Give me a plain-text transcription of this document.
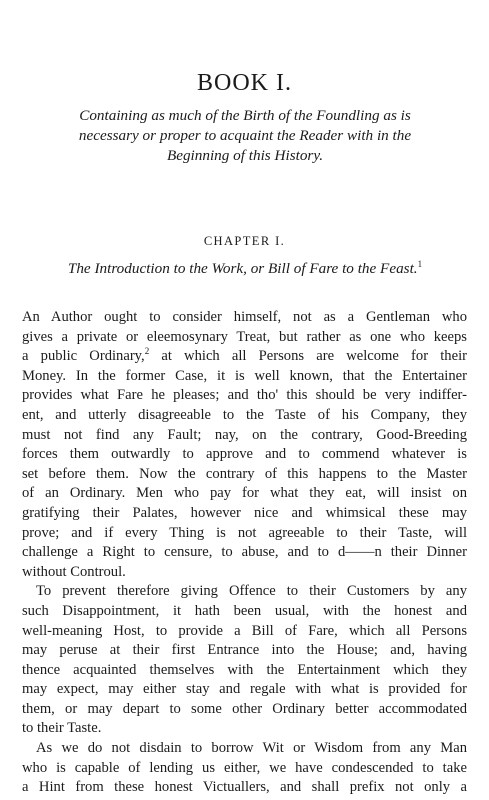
BOOK I.

Containing as much of the Birth of the Foundling as is necessary or proper to acquaint the Reader with in the Beginning of this History.

CHAPTER I.

The Introduction to the Work, or Bill of Fare to the Feast.$^1$

An Author ought to consider himself, not as a Gentleman who
gives a private or eleemosynary Treat, but rather as one who keeps
a public Ordinary,$^2$ at which all Persons are welcome for their
Money. In the former Case, it is well known, that the Entertainer
provides what Fare he pleases; and tho' this should be very indiffer-
ent, and utterly disagreeable to the Taste of his Company, they
must not find any Fault; nay, on the contrary, Good-Breeding
forces them outwardly to approve and to commend whatever is
set before them. Now the contrary of this happens to the Master
of an Ordinary. Men who pay for what they eat, will insist on
gratifying their Palates, however nice and whimsical these may
prove; and if every Thing is not agreeable to their Taste, will
challenge a Right to censure, to abuse, and to d——n their Dinner
without Controul.

To prevent therefore giving Offence to their Customers by any
such Disappointment, it hath been usual, with the honest and
well-meaning Host, to provide a Bill of Fare, which all Persons
may peruse at their first Entrance into the House; and, having
thence acquainted themselves with the Entertainment which they
may expect, may either stay and regale with what is provided for
them, or may depart to some other Ordinary better accommodated
to their Taste.

As we do not disdain to borrow Wit or Wisdom from any Man
who is capable of lending us either, we have condescended to take
a Hint from these honest Victuallers, and shall prefix not only a
